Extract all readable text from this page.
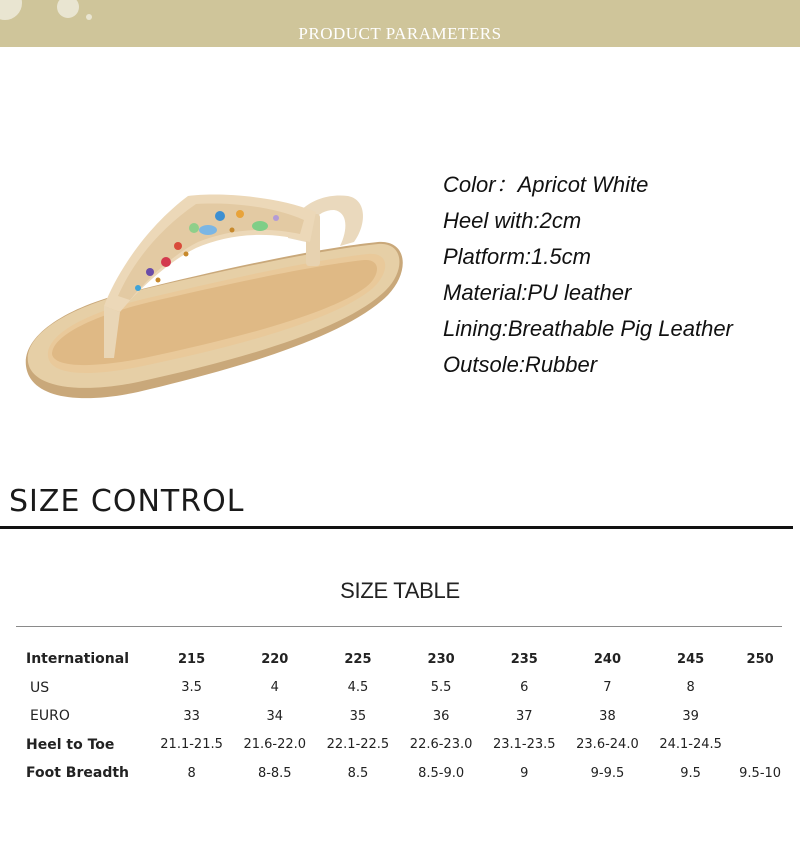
PRODUCT PARAMETERS
Color：Apricot White
Heel with:2cm
Platform:1.5cm
Material:PU leather
Lining:Breathable Pig Leather
Outsole:Rubber
SIZE CONTROL
SIZE TABLE
International	215	220	225	230	235	240	245	250
US	3.5	4	4.5	5.5	6	7	8	
EURO	33	34	35	36	37	38	39	
Heel to Toe	21.1-21.5	21.6-22.0	22.1-22.5	22.6-23.0	23.1-23.5	23.6-24.0	24.1-24.5	
Foot Breadth	8	8-8.5	8.5	8.5-9.0	9	9-9.5	9.5	9.5-10
